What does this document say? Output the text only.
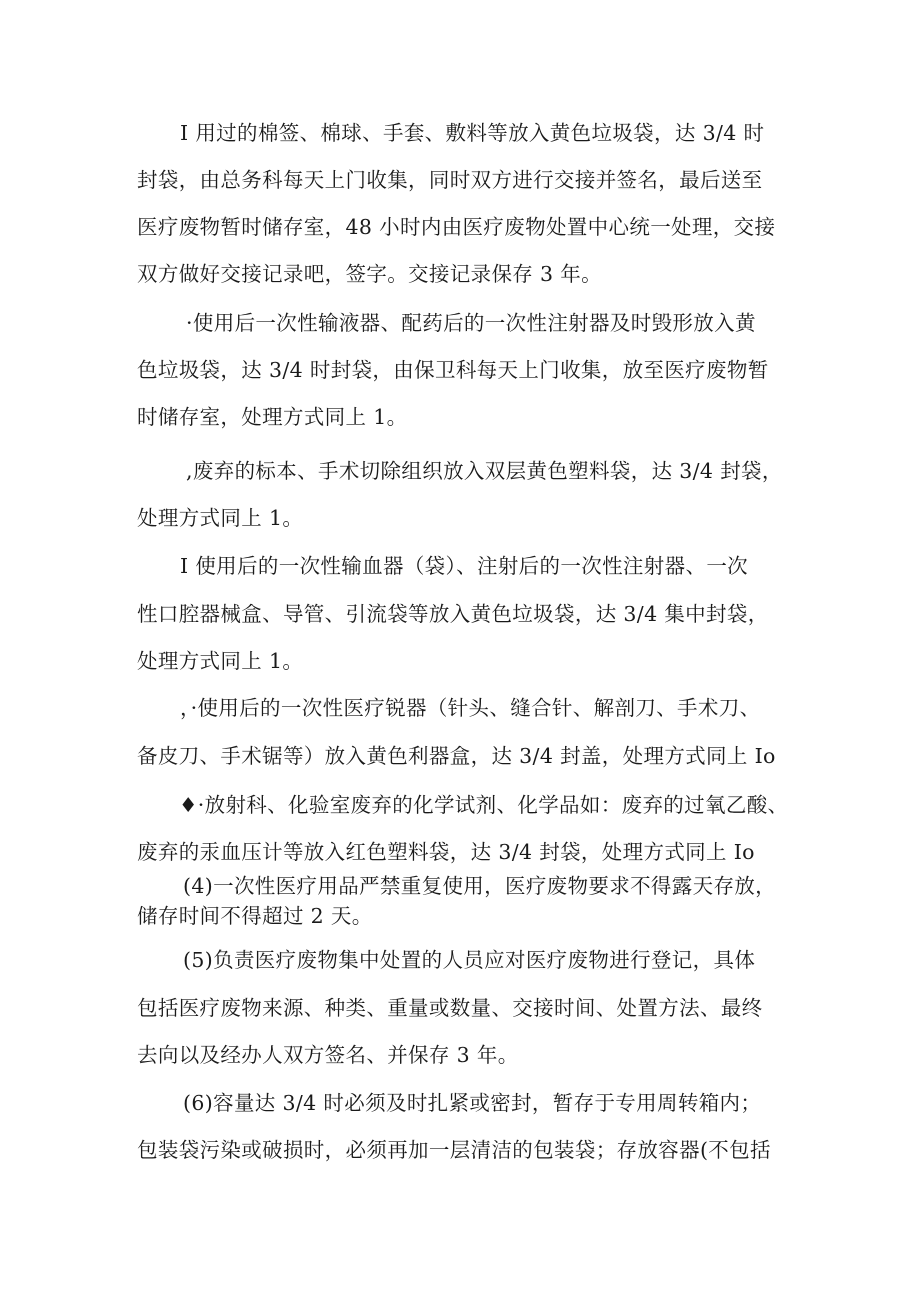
I 用过的棉签、棉球、手套、敷料等放入黄色垃圾袋，达 3/4 时
封袋，由总务科每天上门收集，同时双方进行交接并签名，最后送至
医疗废物暂时储存室，48 小时内由医疗废物处置中心统一处理，交接
双方做好交接记录吧，签字。交接记录保存 3 年。
·使用后一次性输液器、配药后的一次性注射器及时毁形放入黄
色垃圾袋，达 3/4 时封袋，由保卫科每天上门收集，放至医疗废物暂
时储存室，处理方式同上 1。
,废弃的标本、手术切除组织放入双层黄色塑料袋，达 3/4 封袋，
处理方式同上 1。
I 使用后的一次性输血器（袋）、注射后的一次性注射器、一次
性口腔器械盒、导管、引流袋等放入黄色垃圾袋，达 3/4 集中封袋，
处理方式同上 1。
，·使用后的一次性医疗锐器（针头、缝合针、解剖刀、手术刀、
备皮刀、手术锯等）放入黄色利器盒，达 3/4 封盖，处理方式同上 Io
♦·放射科、化验室废弃的化学试剂、化学品如：废弃的过氧乙酸、
废弃的汞血压计等放入红色塑料袋，达 3/4 封袋，处理方式同上 Io
(4)一次性医疗用品严禁重复使用，医疗废物要求不得露天存放，
储存时间不得超过 2 天。
(5)负责医疗废物集中处置的人员应对医疗废物进行登记，具体
包括医疗废物来源、种类、重量或数量、交接时间、处置方法、最终
去向以及经办人双方签名、并保存 3 年。
(6)容量达 3/4 时必须及时扎紧或密封，暂存于专用周转箱内；
包装袋污染或破损时，必须再加一层清洁的包装袋；存放容器(不包括
